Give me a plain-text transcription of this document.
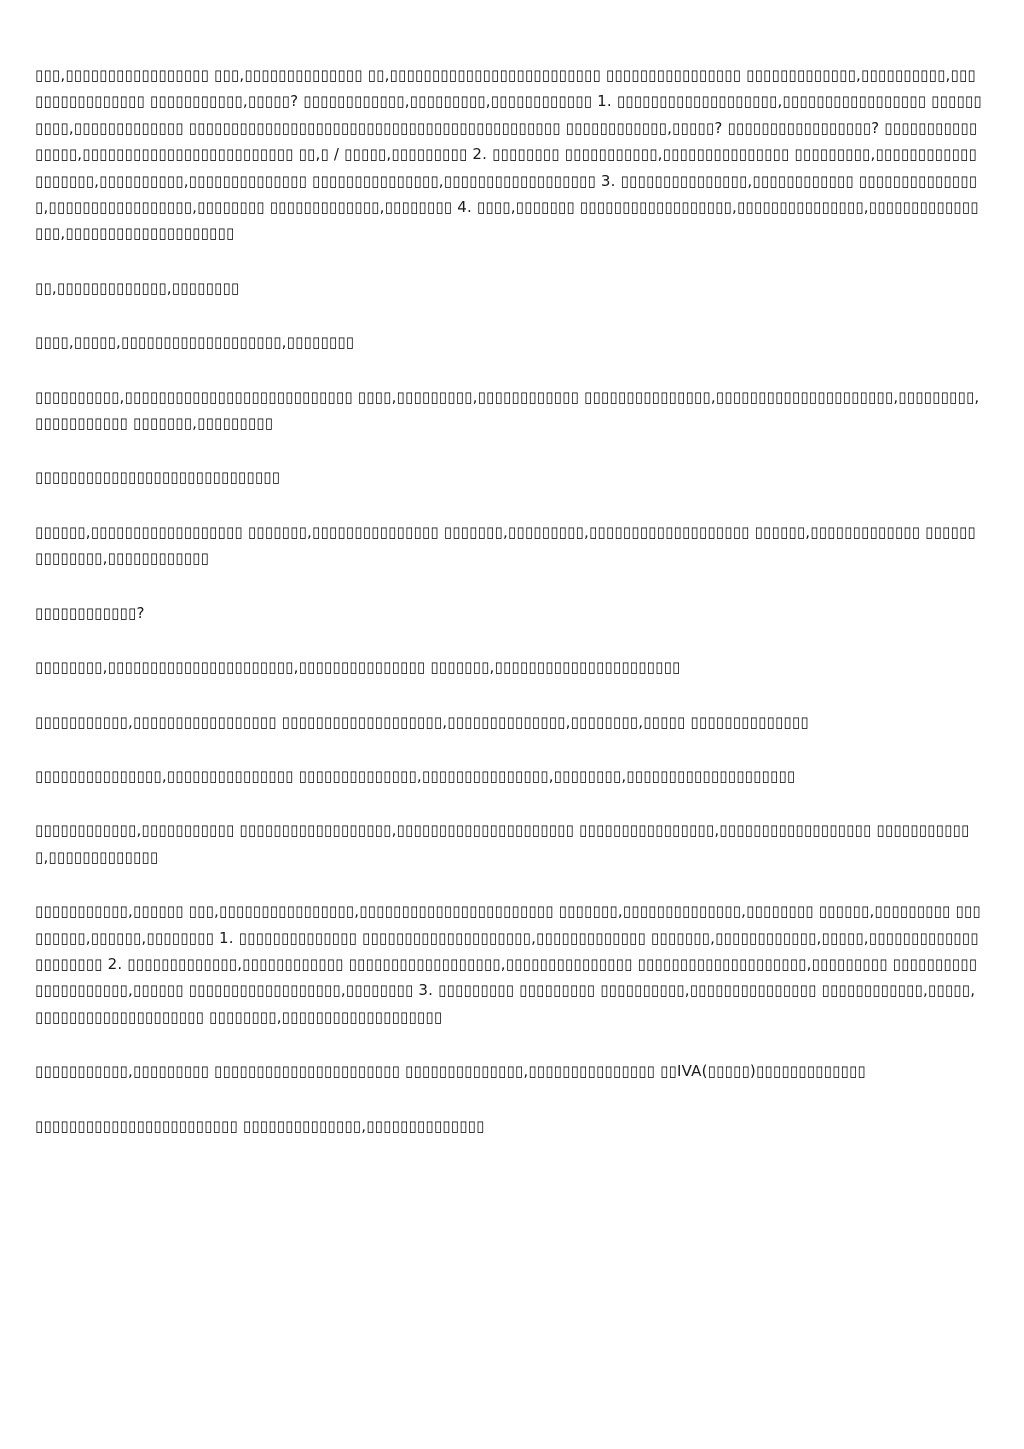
▯▯▯,▯▯▯▯▯▯▯▯▯▯▯▯▯▯▯▯▯ ▯▯▯,▯▯▯▯▯▯▯▯▯▯▯▯▯▯ ▯▯,▯▯▯▯▯▯▯▯▯▯▯▯▯▯▯▯▯▯▯▯▯▯▯▯▯ ▯▯▯▯▯▯▯▯▯▯▯▯▯▯▯▯ ▯▯▯▯▯▯▯▯▯▯▯▯▯,▯▯▯▯▯▯▯▯▯▯,▯▯▯▯▯▯▯▯▯▯▯▯▯▯▯▯ ▯▯▯▯▯▯▯▯▯▯▯,▯▯▯▯▯? ▯▯▯▯▯▯▯▯▯▯▯▯,▯▯▯▯▯▯▯▯▯,▯▯▯▯▯▯▯▯▯▯▯▯ 1. ▯▯▯▯▯▯▯▯▯▯▯▯▯▯▯▯▯▯▯,▯▯▯▯▯▯▯▯▯▯▯▯▯▯▯▯▯ ▯▯▯▯▯▯▯▯▯▯,▯▯▯▯▯▯▯▯▯▯▯▯▯ ▯▯▯▯▯▯▯▯▯▯▯▯▯▯▯▯▯▯▯▯▯▯▯▯▯▯▯▯▯▯▯▯▯▯▯▯▯▯▯▯▯▯▯▯ ▯▯▯▯▯▯▯▯▯▯▯▯,▯▯▯▯▯? ▯▯▯▯▯▯▯▯▯▯▯▯▯▯▯▯▯? ▯▯▯▯▯▯▯▯▯▯▯▯▯▯▯▯,▯▯▯▯▯▯▯▯▯▯▯▯▯▯▯▯▯▯▯▯▯▯▯▯▯ ▯▯,▯ / ▯▯▯▯▯,▯▯▯▯▯▯▯▯▯ 2. ▯▯▯▯▯▯▯▯ ▯▯▯▯▯▯▯▯▯▯▯,▯▯▯▯▯▯▯▯▯▯▯▯▯▯▯ ▯▯▯▯▯▯▯▯▯,▯▯▯▯▯▯▯▯▯▯▯▯▯▯▯▯▯▯▯,▯▯▯▯▯▯▯▯▯▯,▯▯▯▯▯▯▯▯▯▯▯▯▯▯ ▯▯▯▯▯▯▯▯▯▯▯▯▯▯▯,▯▯▯▯▯▯▯▯▯▯▯▯▯▯▯▯▯▯ 3. ▯▯▯▯▯▯▯▯▯▯▯▯▯▯▯,▯▯▯▯▯▯▯▯▯▯▯▯ ▯▯▯▯▯▯▯▯▯▯▯▯▯▯▯,▯▯▯▯▯▯▯▯▯▯▯▯▯▯▯▯▯,▯▯▯▯▯▯▯▯ ▯▯▯▯▯▯▯▯▯▯▯▯▯,▯▯▯▯▯▯▯▯ 4. ▯▯▯▯,▯▯▯▯▯▯▯ ▯▯▯▯▯▯▯▯▯▯▯▯▯▯▯▯▯▯,▯▯▯▯▯▯▯▯▯▯▯▯▯▯▯,▯▯▯▯▯▯▯▯▯▯▯▯▯▯▯▯,▯▯▯▯▯▯▯▯▯▯▯▯▯▯▯▯▯▯▯▯

▯▯,▯▯▯▯▯▯▯▯▯▯▯▯▯,▯▯▯▯▯▯▯▯

▯▯▯▯,▯▯▯▯▯,▯▯▯▯▯▯▯▯▯▯▯▯▯▯▯▯▯▯▯,▯▯▯▯▯▯▯▯

▯▯▯▯▯▯▯▯▯▯,▯▯▯▯▯▯▯▯▯▯▯▯▯▯▯▯▯▯▯▯▯▯▯▯▯▯▯ ▯▯▯▯,▯▯▯▯▯▯▯▯▯,▯▯▯▯▯▯▯▯▯▯▯▯ ▯▯▯▯▯▯▯▯▯▯▯▯▯▯▯,▯▯▯▯▯▯▯▯▯▯▯▯▯▯▯▯▯▯▯▯▯,▯▯▯▯▯▯▯▯▯,▯▯▯▯▯▯▯▯▯▯▯ ▯▯▯▯▯▯▯,▯▯▯▯▯▯▯▯▯

▯▯▯▯▯▯▯▯▯▯▯▯▯▯▯▯▯▯▯▯▯▯▯▯▯▯▯▯▯

▯▯▯▯▯▯,▯▯▯▯▯▯▯▯▯▯▯▯▯▯▯▯▯▯ ▯▯▯▯▯▯▯,▯▯▯▯▯▯▯▯▯▯▯▯▯▯▯ ▯▯▯▯▯▯▯,▯▯▯▯▯▯▯▯▯,▯▯▯▯▯▯▯▯▯▯▯▯▯▯▯▯▯▯▯ ▯▯▯▯▯▯,▯▯▯▯▯▯▯▯▯▯▯▯▯ ▯▯▯▯▯▯▯▯▯▯▯▯▯▯,▯▯▯▯▯▯▯▯▯▯▯▯

▯▯▯▯▯▯▯▯▯▯▯▯?

▯▯▯▯▯▯▯▯,▯▯▯▯▯▯▯▯▯▯▯▯▯▯▯▯▯▯▯▯▯▯,▯▯▯▯▯▯▯▯▯▯▯▯▯▯▯ ▯▯▯▯▯▯▯,▯▯▯▯▯▯▯▯▯▯▯▯▯▯▯▯▯▯▯▯▯▯

▯▯▯▯▯▯▯▯▯▯▯,▯▯▯▯▯▯▯▯▯▯▯▯▯▯▯▯▯ ▯▯▯▯▯▯▯▯▯▯▯▯▯▯▯▯▯▯▯,▯▯▯▯▯▯▯▯▯▯▯▯▯▯,▯▯▯▯▯▯▯▯,▯▯▯▯▯ ▯▯▯▯▯▯▯▯▯▯▯▯▯▯

▯▯▯▯▯▯▯▯▯▯▯▯▯▯▯,▯▯▯▯▯▯▯▯▯▯▯▯▯▯▯ ▯▯▯▯▯▯▯▯▯▯▯▯▯▯,▯▯▯▯▯▯▯▯▯▯▯▯▯▯▯,▯▯▯▯▯▯▯▯,▯▯▯▯▯▯▯▯▯▯▯▯▯▯▯▯▯▯▯▯

▯▯▯▯▯▯▯▯▯▯▯▯,▯▯▯▯▯▯▯▯▯▯▯ ▯▯▯▯▯▯▯▯▯▯▯▯▯▯▯▯▯▯,▯▯▯▯▯▯▯▯▯▯▯▯▯▯▯▯▯▯▯▯▯ ▯▯▯▯▯▯▯▯▯▯▯▯▯▯▯▯,▯▯▯▯▯▯▯▯▯▯▯▯▯▯▯▯▯▯ ▯▯▯▯▯▯▯▯▯▯▯▯,▯▯▯▯▯▯▯▯▯▯▯▯▯

▯▯▯▯▯▯▯▯▯▯▯,▯▯▯▯▯▯ ▯▯▯,▯▯▯▯▯▯▯▯▯▯▯▯▯▯▯▯,▯▯▯▯▯▯▯▯▯▯▯▯▯▯▯▯▯▯▯▯▯▯▯ ▯▯▯▯▯▯▯,▯▯▯▯▯▯▯▯▯▯▯▯▯▯,▯▯▯▯▯▯▯▯ ▯▯▯▯▯▯,▯▯▯▯▯▯▯▯▯ ▯▯▯▯▯▯▯▯▯,▯▯▯▯▯▯,▯▯▯▯▯▯▯▯ 1. ▯▯▯▯▯▯▯▯▯▯▯▯▯▯ ▯▯▯▯▯▯▯▯▯▯▯▯▯▯▯▯▯▯▯▯,▯▯▯▯▯▯▯▯▯▯▯▯▯ ▯▯▯▯▯▯▯,▯▯▯▯▯▯▯▯▯▯▯▯,▯▯▯▯▯,▯▯▯▯▯▯▯▯▯▯▯▯▯▯▯▯▯▯▯▯▯ 2. ▯▯▯▯▯▯▯▯▯▯▯▯▯,▯▯▯▯▯▯▯▯▯▯▯▯ ▯▯▯▯▯▯▯▯▯▯▯▯▯▯▯▯▯▯,▯▯▯▯▯▯▯▯▯▯▯▯▯▯▯ ▯▯▯▯▯▯▯▯▯▯▯▯▯▯▯▯▯▯▯▯,▯▯▯▯▯▯▯▯▯ ▯▯▯▯▯▯▯▯▯▯▯▯▯▯▯▯▯▯▯▯▯,▯▯▯▯▯▯ ▯▯▯▯▯▯▯▯▯▯▯▯▯▯▯▯▯▯,▯▯▯▯▯▯▯▯ 3. ▯▯▯▯▯▯▯▯▯ ▯▯▯▯▯▯▯▯▯ ▯▯▯▯▯▯▯▯▯▯,▯▯▯▯▯▯▯▯▯▯▯▯▯▯▯ ▯▯▯▯▯▯▯▯▯▯▯▯,▯▯▯▯▯,▯▯▯▯▯▯▯▯▯▯▯▯▯▯▯▯▯▯▯▯ ▯▯▯▯▯▯▯▯,▯▯▯▯▯▯▯▯▯▯▯▯▯▯▯▯▯▯▯

▯▯▯▯▯▯▯▯▯▯▯,▯▯▯▯▯▯▯▯▯ ▯▯▯▯▯▯▯▯▯▯▯▯▯▯▯▯▯▯▯▯▯▯ ▯▯▯▯▯▯▯▯▯▯▯▯▯▯,▯▯▯▯▯▯▯▯▯▯▯▯▯▯▯ ▯▯IVA(▯▯▯▯▯)▯▯▯▯▯▯▯▯▯▯▯▯▯

▯▯▯▯▯▯▯▯▯▯▯▯▯▯▯▯▯▯▯▯▯▯▯▯ ▯▯▯▯▯▯▯▯▯▯▯▯▯▯,▯▯▯▯▯▯▯▯▯▯▯▯▯▯
